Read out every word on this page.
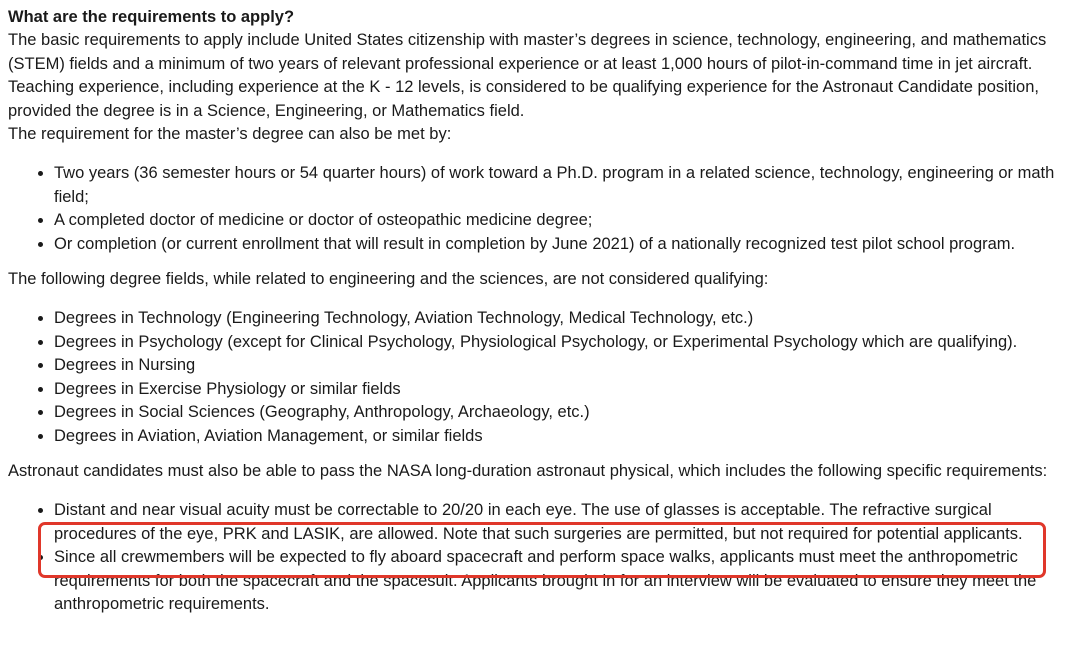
What are the requirements to apply?

The basic requirements to apply include United States citizenship with master’s degrees in science, technology, engineering, and mathematics (STEM) fields and a minimum of two years of relevant professional experience or at least 1,000 hours of pilot-in-command time in jet aircraft. Teaching experience, including experience at the K - 12 levels, is considered to be qualifying experience for the Astronaut Candidate position, provided the degree is in a Science, Engineering, or Mathematics field.

The requirement for the master’s degree can also be met by:

• Two years (36 semester hours or 54 quarter hours) of work toward a Ph.D. program in a related science, technology, engineering or math field;
• A completed doctor of medicine or doctor of osteopathic medicine degree;
• Or completion (or current enrollment that will result in completion by June 2021) of a nationally recognized test pilot school program.

The following degree fields, while related to engineering and the sciences, are not considered qualifying:

• Degrees in Technology (Engineering Technology, Aviation Technology, Medical Technology, etc.)
• Degrees in Psychology (except for Clinical Psychology, Physiological Psychology, or Experimental Psychology which are qualifying).
• Degrees in Nursing
• Degrees in Exercise Physiology or similar fields
• Degrees in Social Sciences (Geography, Anthropology, Archaeology, etc.)
• Degrees in Aviation, Aviation Management, or similar fields

Astronaut candidates must also be able to pass the NASA long-duration astronaut physical, which includes the following specific requirements:

• Distant and near visual acuity must be correctable to 20/20 in each eye. The use of glasses is acceptable. The refractive surgical procedures of the eye, PRK and LASIK, are allowed. Note that such surgeries are permitted, but not required for potential applicants.
• Since all crewmembers will be expected to fly aboard spacecraft and perform space walks, applicants must meet the anthropometric requirements for both the spacecraft and the spacesuit. Applicants brought in for an interview will be evaluated to ensure they meet the anthropometric requirements.
